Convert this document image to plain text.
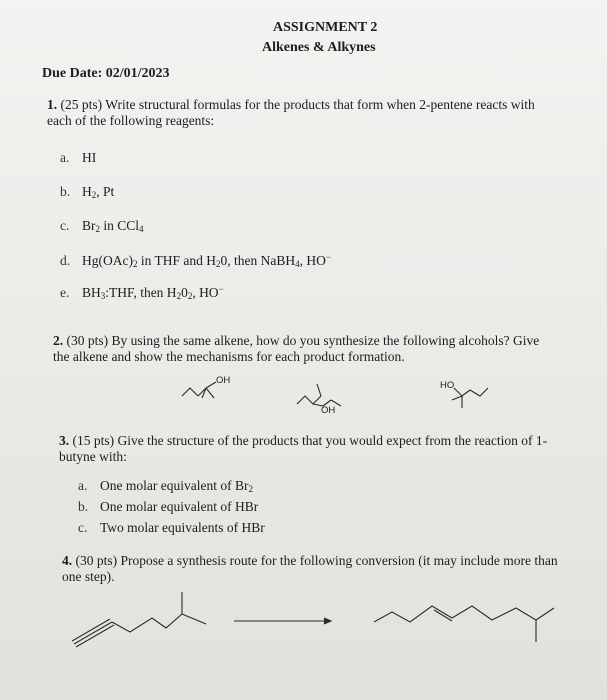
ASSIGNMENT 2
Alkenes & Alkynes
Due Date: 02/01/2023
1. (25 pts) Write structural formulas for the products that form when 2-pentene reacts with
each of the following reagents:
a. HI
b. $H_2$, Pt
c. $Br_2$ in CCl$_4$
d. $Hg(OAc)_2$ in THF and $H_20$, then NaBH$_4$, HO−
e. $BH_3:THF$, then $H_20_2$, HO−
2. (30 pts) By using the same alkene, how do you synthesize the following alcohols? Give
the alkene and show the mechanisms for each product formation.
OH
OH
HO
3. (15 pts) Give the structure of the products that you would expect from the reaction of 1-
butyne with:
a. One molar equivalent of $Br_2$
b. One molar equivalent of HBr
c. Two molar equivalents of HBr
4. (30 pts) Propose a synthesis route for the following conversion (it may include more than
one step).
